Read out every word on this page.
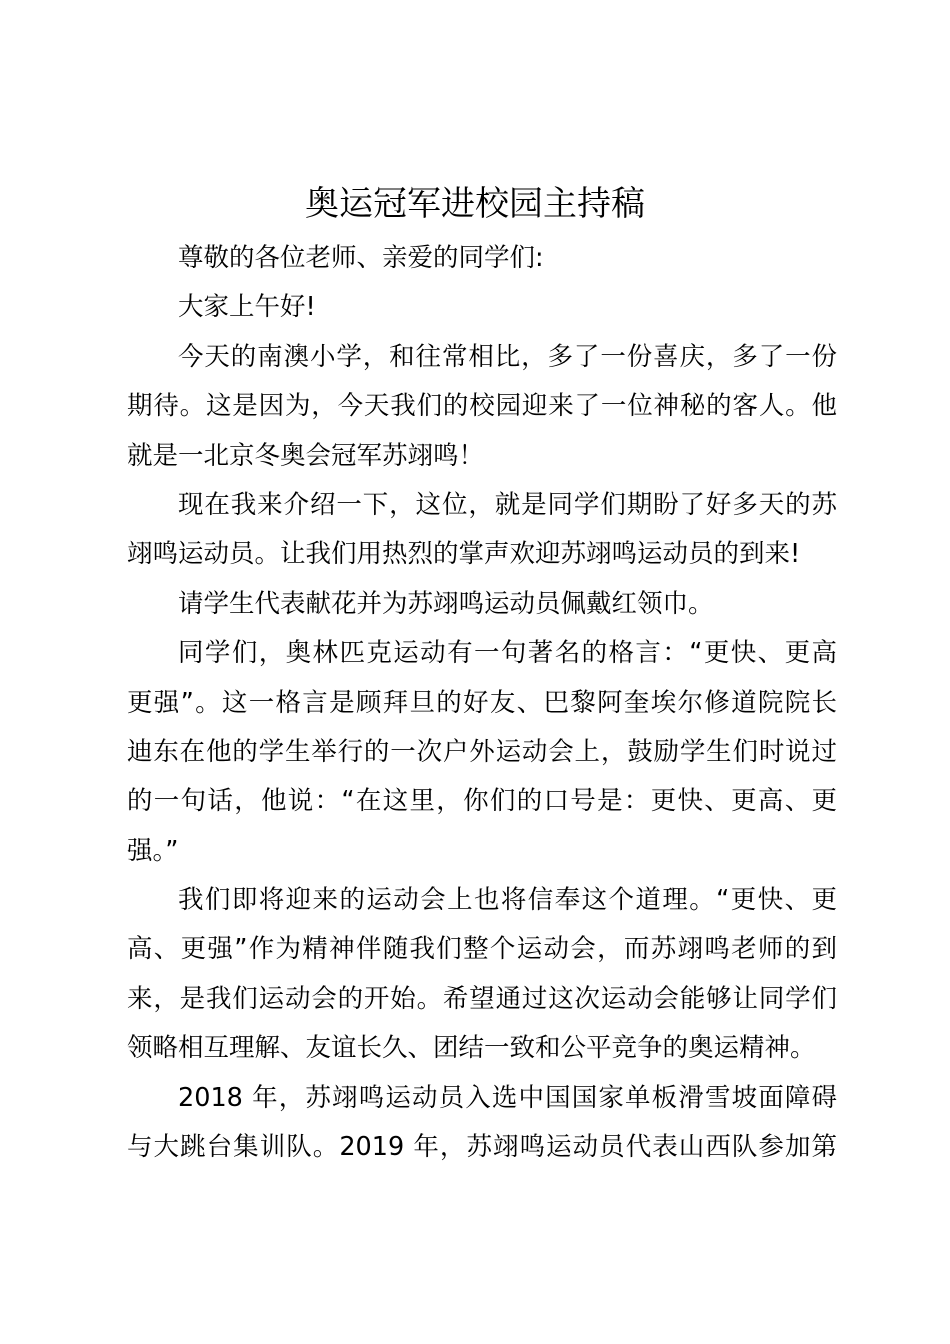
奥运冠军进校园主持稿
尊敬的各位老师、亲爱的同学们:
大家上午好!
今天的南澳小学，和往常相比，多了一份喜庆，多了一份
期待。这是因为，今天我们的校园迎来了一位神秘的客人。他
就是一北京冬奥会冠军苏翊鸣！
现在我来介绍一下，这位，就是同学们期盼了好多天的苏
翊鸣运动员。让我们用热烈的掌声欢迎苏翊鸣运动员的到来!
请学生代表献花并为苏翊鸣运动员佩戴红领巾。
同学们，奥林匹克运动有一句著名的格言：“更快、更高
更强”。这一格言是顾拜旦的好友、巴黎阿奎埃尔修道院院长
迪东在他的学生举行的一次户外运动会上，鼓励学生们时说过
的一句话，他说：“在这里，你们的口号是：更快、更高、更
强。”
我们即将迎来的运动会上也将信奉这个道理。“更快、更
高、更强”作为精神伴随我们整个运动会，而苏翊鸣老师的到
来，是我们运动会的开始。希望通过这次运动会能够让同学们
领略相互理解、友谊长久、团结一致和公平竞争的奥运精神。
2018 年，苏翊鸣运动员入选中国国家单板滑雪坡面障碍
与大跳台集训队。2019 年，苏翊鸣运动员代表山西队参加第
